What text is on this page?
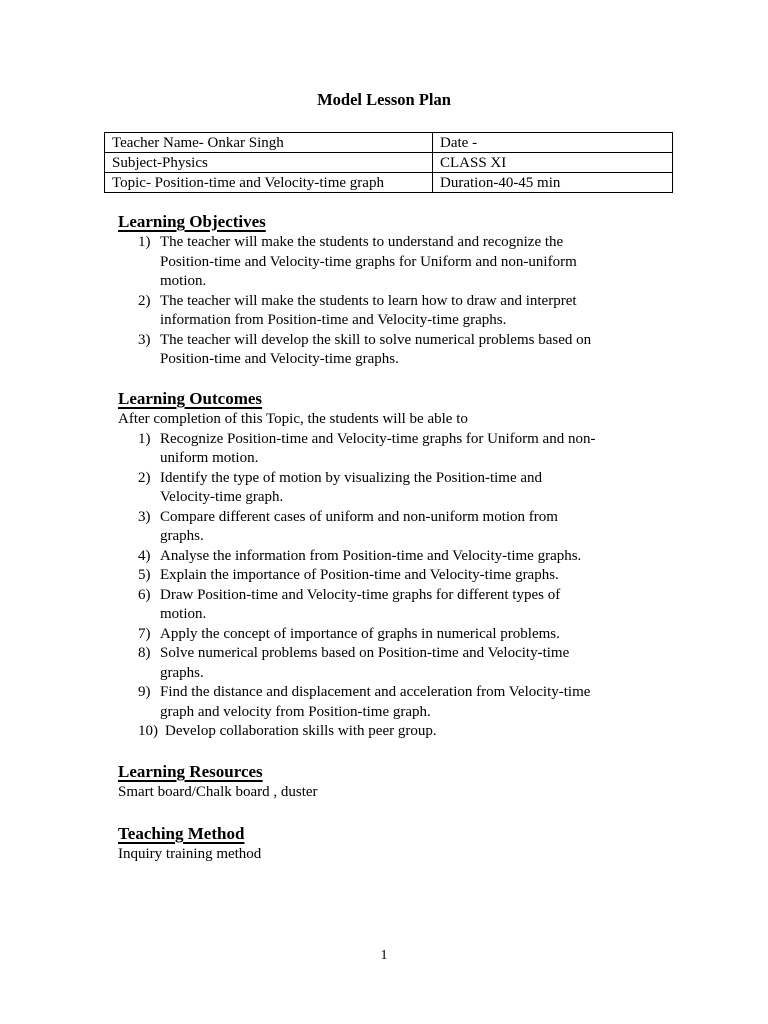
Model Lesson Plan
Teacher Name- Onkar Singh	Date -
Subject-Physics	CLASS XI
Topic- Position-time and Velocity-time graph	Duration-40-45 min
Learning Objectives
1) The teacher will make the students to understand and recognize the
Position-time and Velocity-time graphs for Uniform and non-uniform
motion.
2) The teacher will make the students to learn how to draw and interpret
information from Position-time and Velocity-time graphs.
3) The teacher will develop the skill to solve numerical problems based on
Position-time and Velocity-time graphs.
Learning Outcomes

After completion of this Topic, the students will be able to

1) Recognize Position-time and Velocity-time graphs for Uniform and non-
uniform motion.
2) Identify the type of motion by visualizing the Position-time and
Velocity-time graph.
3) Compare different cases of uniform and non-uniform motion from
graphs.
4) Analyse the information from Position-time and Velocity-time graphs.
5) Explain the importance of Position-time and Velocity-time graphs.
6) Draw Position-time and Velocity-time graphs for different types of
motion.
7) Apply the concept of importance of graphs in numerical problems.
8) Solve numerical problems based on Position-time and Velocity-time
graphs.
9) Find the distance and displacement and acceleration from Velocity-time
graph and velocity from Position-time graph.
10) Develop collaboration skills with peer group.
Learning Resources

Smart board/Chalk board , duster

Teaching Method

Inquiry training method

1
